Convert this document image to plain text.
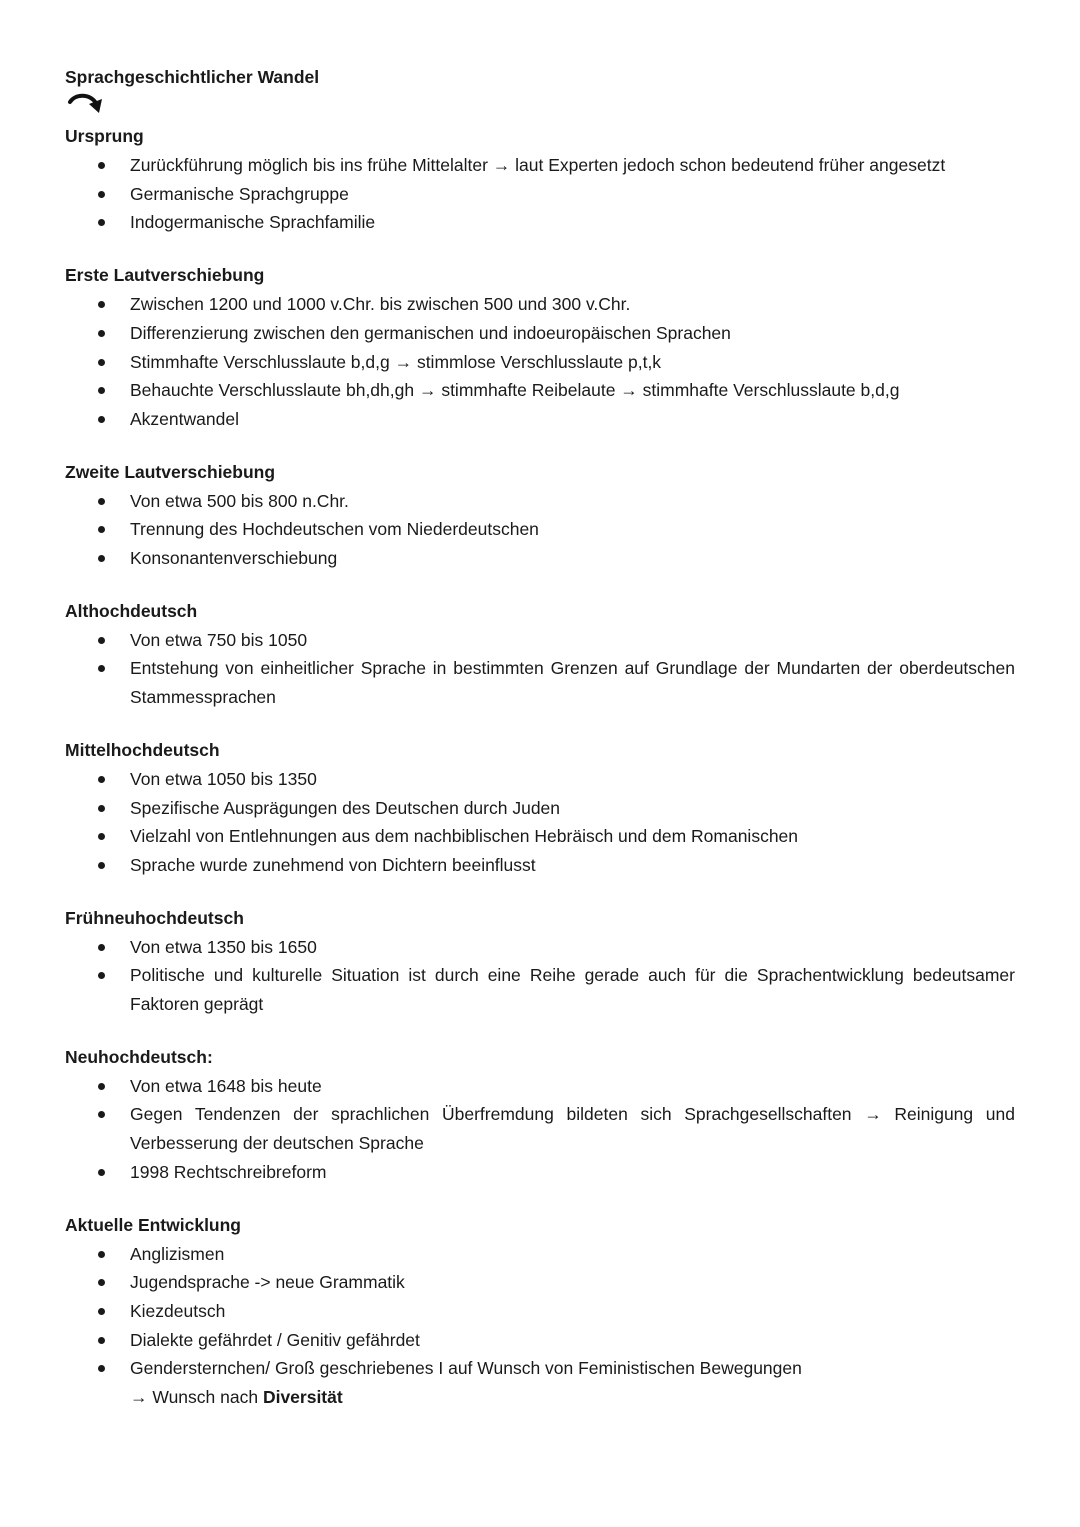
Sprachgeschichtlicher Wandel
Ursprung
Zurückführung möglich bis ins frühe Mittelalter → laut Experten jedoch schon bedeutend früher angesetzt
Germanische Sprachgruppe
Indogermanische Sprachfamilie
Erste Lautverschiebung
Zwischen 1200 und 1000 v.Chr. bis zwischen 500 und 300 v.Chr.
Differenzierung zwischen den germanischen und indoeuropäischen Sprachen
Stimmhafte Verschlusslaute b,d,g → stimmlose Verschlusslaute p,t,k
Behauchte Verschlusslaute bh,dh,gh → stimmhafte Reibelaute → stimmhafte Verschlusslaute b,d,g
Akzentwandel
Zweite Lautverschiebung
Von etwa 500 bis 800 n.Chr.
Trennung des Hochdeutschen vom Niederdeutschen
Konsonantenverschiebung
Althochdeutsch
Von etwa 750 bis 1050
Entstehung von einheitlicher Sprache in bestimmten Grenzen auf Grundlage der Mundarten der oberdeutschen Stammessprachen
Mittelhochdeutsch
Von etwa 1050 bis 1350
Spezifische Ausprägungen des Deutschen durch Juden
Vielzahl von Entlehnungen aus dem nachbiblischen Hebräisch und dem Romanischen
Sprache wurde zunehmend von Dichtern beeinflusst
Frühneuhochdeutsch
Von etwa 1350 bis 1650
Politische und kulturelle Situation ist durch eine Reihe gerade auch für die Sprachentwicklung bedeutsamer Faktoren geprägt
Neuhochdeutsch:
Von etwa 1648 bis heute
Gegen Tendenzen der sprachlichen Überfremdung bildeten sich Sprachgesellschaften → Reinigung und Verbesserung der deutschen Sprache
1998 Rechtschreibreform
Aktuelle Entwicklung
Anglizismen
Jugendsprache -> neue Grammatik
Kiezdeutsch
Dialekte gefährdet / Genitiv gefährdet
Gendersternchen/ Groß geschriebenes I auf Wunsch von Feministischen Bewegungen
→ Wunsch nach Diversität
